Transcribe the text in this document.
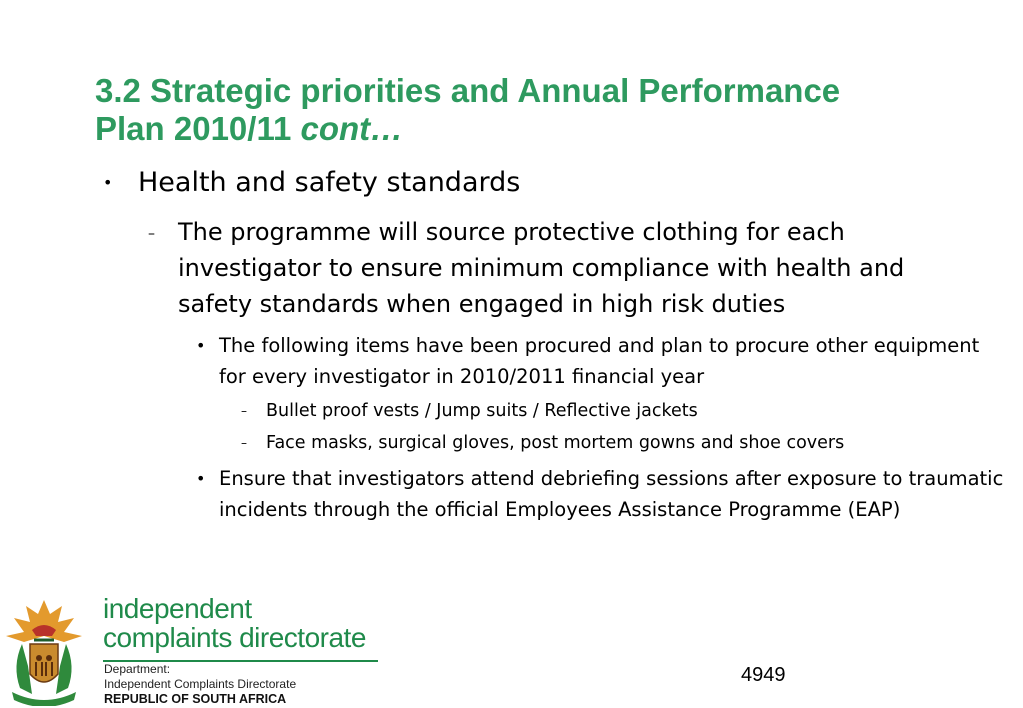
3.2 Strategic priorities and Annual Performance
Plan 2010/11 cont…
• Health and safety standards
– The programme will source protective clothing for each investigator to ensure minimum compliance with health and safety standards when engaged in high risk duties
• The following items have been procured and plan to procure other equipment for every investigator in 2010/2011 financial year
– Bullet proof vests / Jump suits / Reflective jackets
– Face masks, surgical gloves, post mortem gowns and shoe covers
• Ensure that investigators attend debriefing sessions after exposure to traumatic incidents through the official Employees Assistance Programme (EAP)
independent
complaints directorate
Department:
Independent Complaints Directorate
REPUBLIC OF SOUTH AFRICA
4949
